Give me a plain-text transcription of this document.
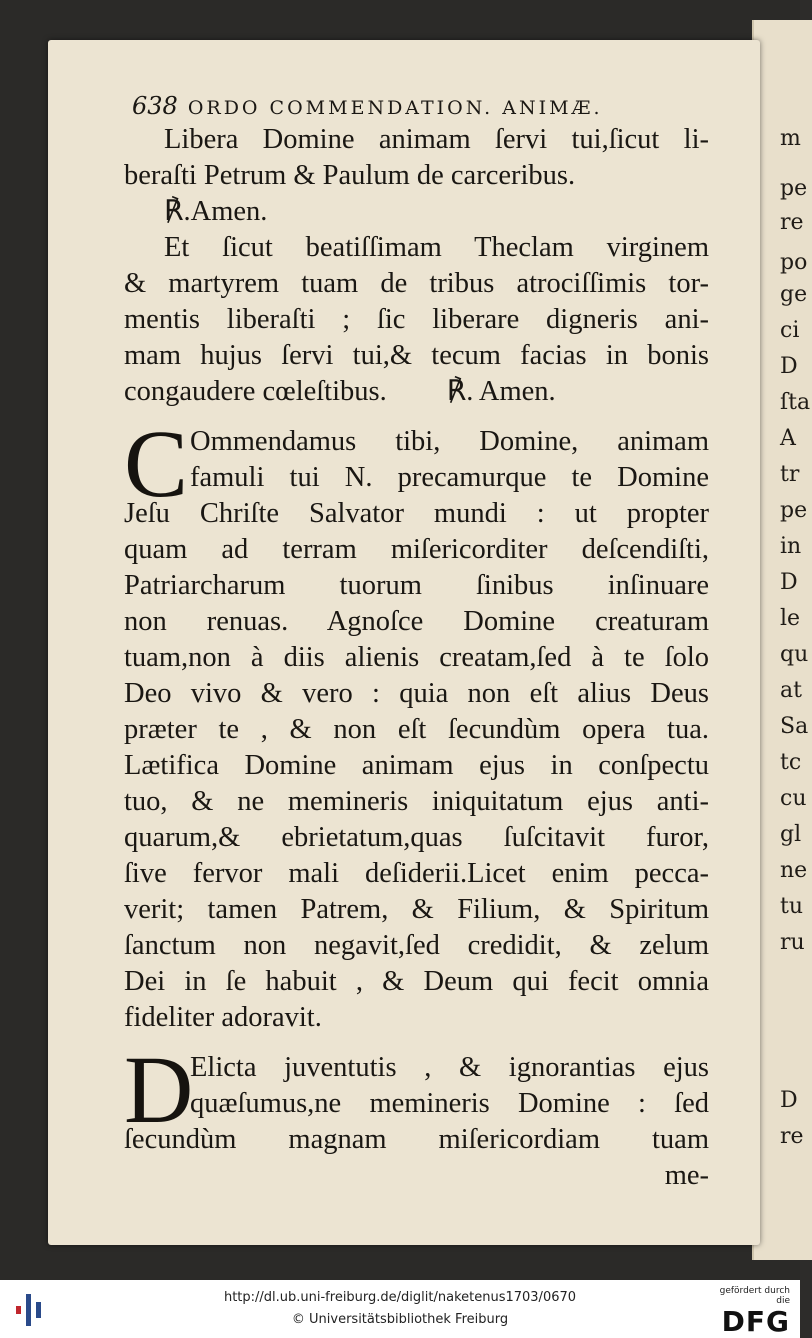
m
pe
re
po
ge
ci
D
ſta
A
tr
pe
in
D
le
qu
at
Sa
tc
cu
gl
ne
tu
ru
D
re
638 ORDO COMMENDATION. ANIMÆ.
Libera Domine animam ſervi tui,ſicut li-
beraſti Petrum & Paulum de carceribus.
℟.Amen.
Et ſicut beatiſſimam Theclam virginem
& martyrem tuam de tribus atrociſſimis tor-
mentis liberaſti ; ſic liberare digneris ani-
mam hujus ſervi tui,& tecum facias in bonis
congaudere cœleſtibus. ℟. Amen.
C Ommendamus tibi, Domine, animam
famuli tui N. precamurque te Domine
Jeſu Chriſte Salvator mundi : ut propter
quam ad terram miſericorditer deſcendiſti,
Patriarcharum tuorum ſinibus inſinuare
non renuas. Agnoſce Domine creaturam
tuam,non à diis alienis creatam,ſed à te ſolo
Deo vivo & vero : quia non eſt alius Deus
præter te , & non eſt ſecundùm opera tua.
Lætifica Domine animam ejus in conſpectu
tuo, & ne memineris iniquitatum ejus anti-
quarum,& ebrietatum,quas ſuſcitavit furor,
ſive fervor mali deſiderii.Licet enim pecca-
verit; tamen Patrem, & Filium, & Spiritum
ſanctum non negavit,ſed credidit, & zelum
Dei in ſe habuit , & Deum qui fecit omnia
fideliter adoravit.
D
Elicta juventutis , & ignorantias ejus
quæſumus,ne memineris Domine : ſed
ſecundùm magnam miſericordiam tuam
me-
http://dl.ub.uni-freiburg.de/diglit/naketenus1703/0670
© Universitätsbibliothek Freiburg
gefördert durch die
DFG
